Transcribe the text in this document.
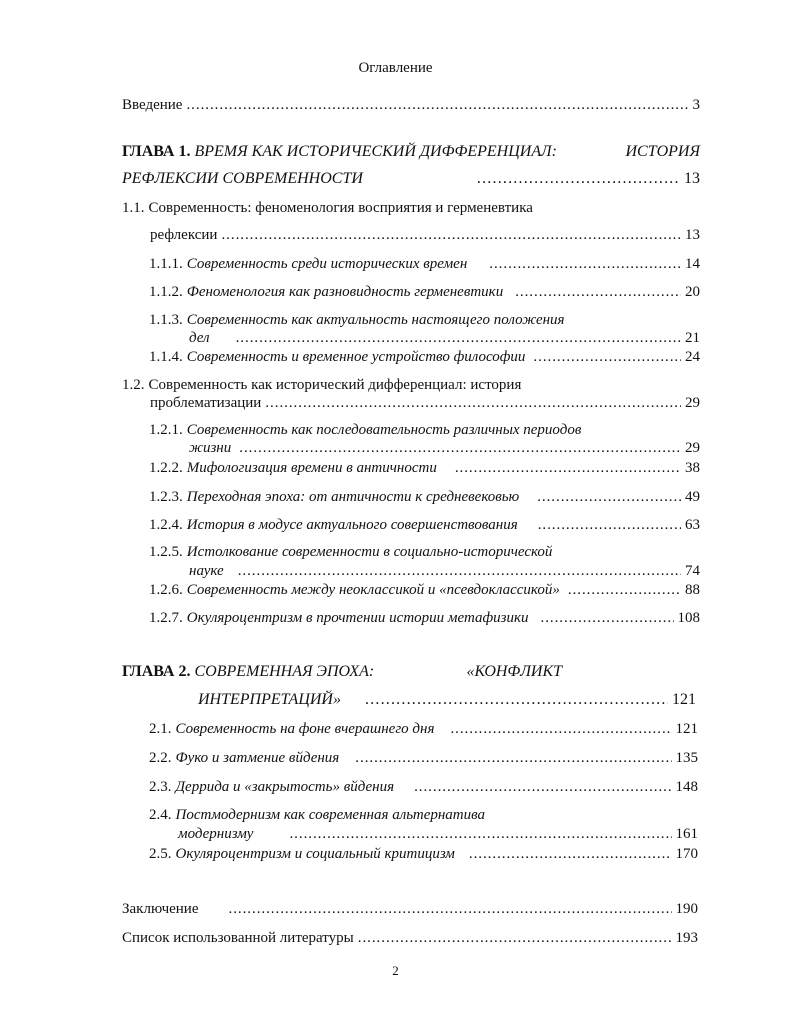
Оглавление
Введение . . .	3
ГЛАВА 1. ВРЕМЯ КАК ИСТОРИЧЕСКИЙ ДИФФЕРЕНЦИАЛ:	ИСТОРИЯ
РЕФЛЕКСИИ СОВРЕМЕННОСТИ . . .	13
1.1. Современность: феноменология восприятия и герменевтика
рефлексии . . .	13
1.1.1. Современность среди исторических времен . . .	14
1.1.2. Феноменология как разновидность герменевтики . . .	20
1.1.3. Современность как актуальность настоящего положения
дел . . .	21
1.1.4. Современность и временное устройство философии . . .	24
1.2. Современность как исторический дифференциал: история
проблематизации . . .	29
1.2.1. Современность как последовательность различных периодов
жизни . . .	29
1.2.2. Мифологизация времени в античности . . .	38
1.2.3. Переходная эпоха: от античности к средневековью . . .	49
1.2.4. История в модусе актуального совершенствования . . .	63
1.2.5. Истолкование современности в социально-исторической
науке . . .	74
1.2.6. Современность между неоклассикой и «псевдоклассикой» . . .	88
1.2.7. Окуляроцентризм в прочтении истории метафизики . . .	108
ГЛАВА 2. СОВРЕМЕННАЯ ЭПОХА:	«КОНФЛИКТ
ИНТЕРПРЕТАЦИЙ» . . .	121
2.1. Современность на фоне вчерашнего дня . . .	121
2.2. Фуко и затмение вйдения . . .	135
2.3. Деррида и «закрытость» вйдения . . .	148
2.4. Постмодернизм как современная альтернатива
модернизму . . .	161
2.5. Окуляроцентризм и социальный критицизм . . .	170
Заключение . . .	190
Список использованной литературы . . .	193
2
